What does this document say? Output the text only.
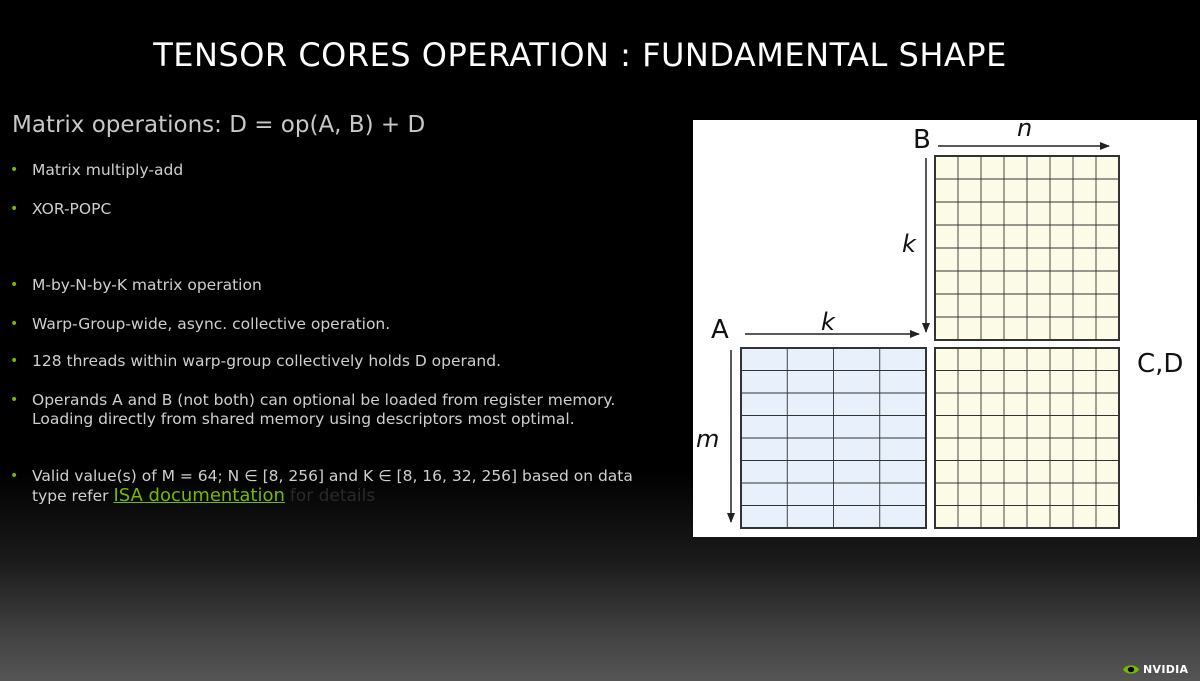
TENSOR CORES OPERATION : FUNDAMENTAL SHAPE
Matrix operations: D = op(A, B) + D
• Matrix multiply-add
• XOR-POPC
• M-by-N-by-K matrix operation
• Warp-Group-wide, async. collective operation.
• 128 threads within warp-group collectively holds D operand.
• Operands A and B (not both) can optional be loaded from register memory. Loading directly from shared memory using descriptors most optimal.
• Valid value(s) of M = 64; N ∈ [8, 256] and K ∈ [8, 16, 32, 256] based on data type refer ISA documentation for details
B	n
k
A	k
m
C,D
NVIDIA
